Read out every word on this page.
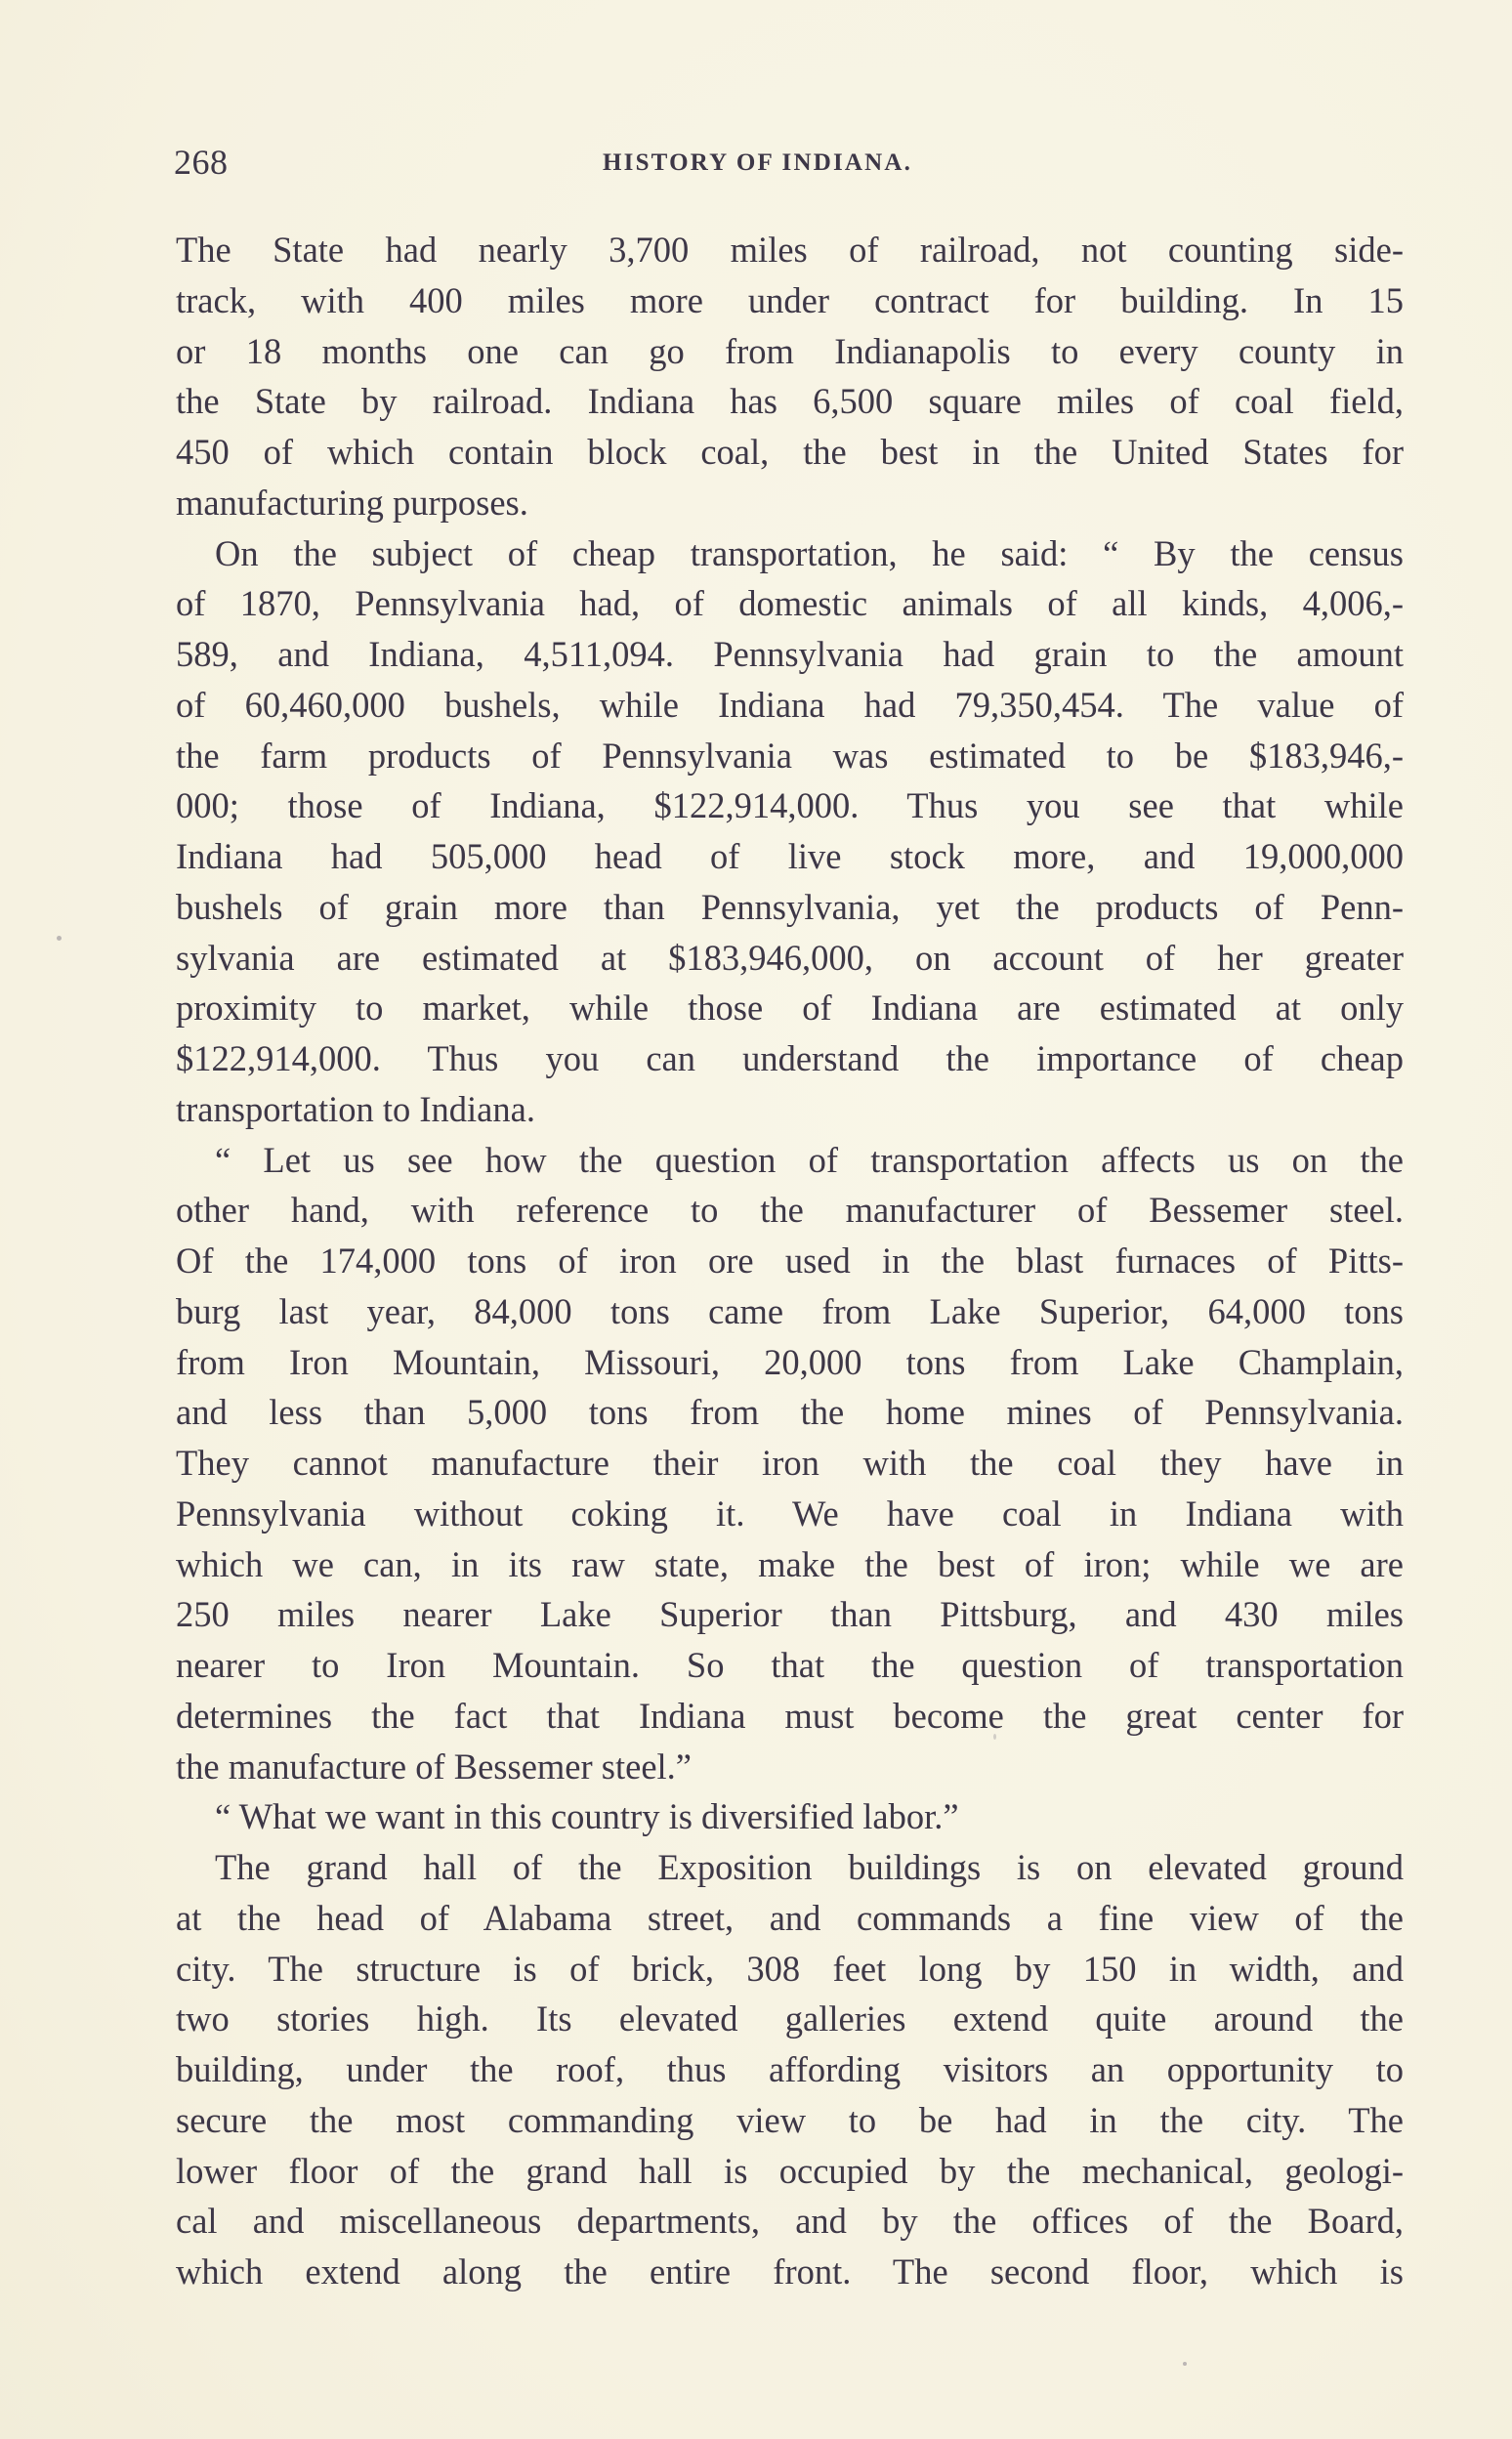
268	HISTORY OF INDIANA.
The State had nearly 3,700 miles of railroad, not counting side-
track, with 400 miles more under contract for building. In 15
or 18 months one can go from Indianapolis to every county in
the State by railroad. Indiana has 6,500 square miles of coal field,
450 of which contain block coal, the best in the United States for
manufacturing purposes.
On the subject of cheap transportation, he said: “ By the census
of 1870, Pennsylvania had, of domestic animals of all kinds, 4,006,-
589, and Indiana, 4,511,094. Pennsylvania had grain to the amount
of 60,460,000 bushels, while Indiana had 79,350,454. The value of
the farm products of Pennsylvania was estimated to be $183,946,-
000; those of Indiana, $122,914,000. Thus you see that while
Indiana had 505,000 head of live stock more, and 19,000,000
bushels of grain more than Pennsylvania, yet the products of Penn-
sylvania are estimated at $183,946,000, on account of her greater
proximity to market, while those of Indiana are estimated at only
$122,914,000. Thus you can understand the importance of cheap
transportation to Indiana.
“ Let us see how the question of transportation affects us on the
other hand, with reference to the manufacturer of Bessemer steel.
Of the 174,000 tons of iron ore used in the blast furnaces of Pitts-
burg last year, 84,000 tons came from Lake Superior, 64,000 tons
from Iron Mountain, Missouri, 20,000 tons from Lake Champlain,
and less than 5,000 tons from the home mines of Pennsylvania.
They cannot manufacture their iron with the coal they have in
Pennsylvania without coking it. We have coal in Indiana with
which we can, in its raw state, make the best of iron; while we are
250 miles nearer Lake Superior than Pittsburg, and 430 miles
nearer to Iron Mountain. So that the question of transportation
determines the fact that Indiana must become the great center for
the manufacture of Bessemer steel.”
“ What we want in this country is diversified labor.”
The grand hall of the Exposition buildings is on elevated ground
at the head of Alabama street, and commands a fine view of the
city. The structure is of brick, 308 feet long by 150 in width, and
two stories high. Its elevated galleries extend quite around the
building, under the roof, thus affording visitors an opportunity to
secure the most commanding view to be had in the city. The
lower floor of the grand hall is occupied by the mechanical, geologi-
cal and miscellaneous departments, and by the offices of the Board,
which extend along the entire front. The second floor, which is
